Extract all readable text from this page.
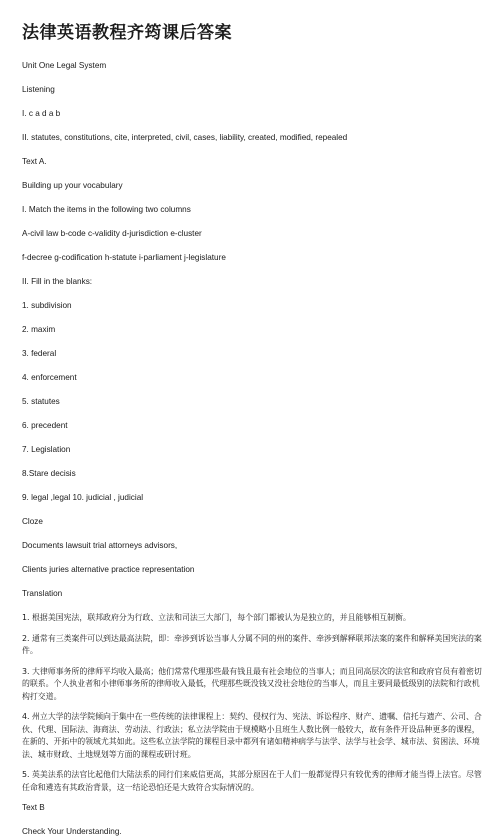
法律英语教程齐筠课后答案
Unit One Legal System
Listening
I. c a d a b
II. statutes, constitutions, cite, interpreted, civil, cases, liability, created, modified, repealed
Text A.
Building up your vocabulary
I. Match the items in the following two columns
A-civil law b-code c-validity d-jurisdiction e-cluster
f-decree g-codification h-statute i-parliament j-legislature
II. Fill in the blanks:
1. subdivision
2. maxim
3. federal
4. enforcement
5. statutes
6. precedent
7. Legislation
8.Stare decisis
9. legal ,legal 10. judicial , judicial
Cloze
Documents lawsuit trial attorneys advisors,
Clients juries alternative practice representation
Translation

1. 根据美国宪法，联邦政府分为行政、立法和司法三大部门，每个部门都被认为是独立的，并且能够相互制衡。

2. 通常有三类案件可以到达最高法院，即：牵涉到诉讼当事人分属不同的州的案件、牵涉到解释联邦法案的案件和解释美国宪法的案件。

3. 大律师事务所的律师平均收入最高；他们常常代理那些最有钱且最有社会地位的当事人；而且同高层次的法官和政府官员有着密切的联系。个人执业者和小律师事务所的律师收入最低，代理那些既没钱又没社会地位的当事人，而且主要同最低级别的法院和行政机构打交道。

4. 州立大学的法学院倾向于集中在一些传统的法律课程上：契约、侵权行为、宪法、诉讼程序、财产、遗嘱、信托与遗产、公司、合伙、代理、国际法、海商法、劳动法、行政法；私立法学院由于规模略小且班生人数比例一般较大，故有条件开设品种更多的课程，在新的、开拓中的领域尤其如此。这些私立法学院的课程目录中都列有诸如精神病学与法学、法学与社会学、城市法、贫困法、环境法、城市财政、土地规划等方面的课程或研讨班。

5. 英美法系的法官比起他们大陆法系的同行们来威信更高，其部分原因在于人们一般都觉得只有较优秀的律师才能当得上法官。尽管任命和遴选有其政治背景，这一结论恐怕还是大致符合实际情况的。

Text B
Check Your Understanding.
